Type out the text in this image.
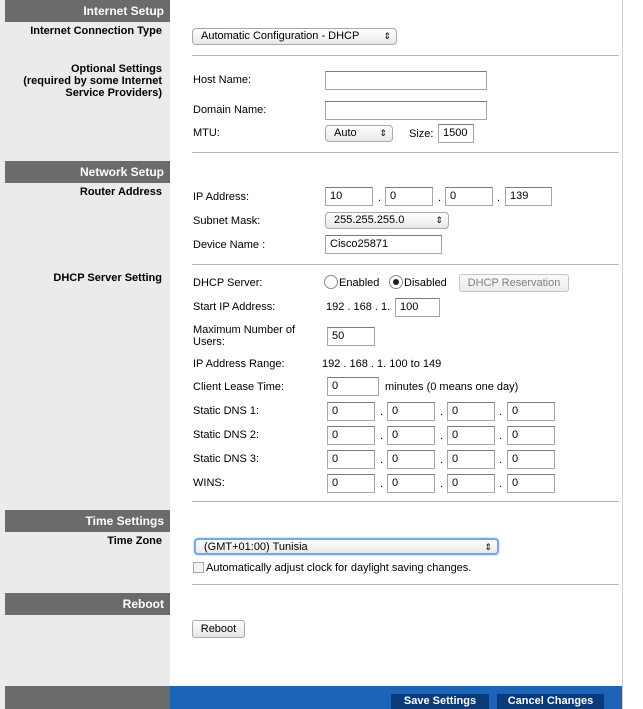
Internet Setup
Internet Connection Type
Optional Settings
(required by some Internet
Service Providers)
Network Setup
Router Address
DHCP Server Setting
Time Settings
Time Zone
Reboot
Automatic Configuration - DHCP	⇕
Host Name:
Domain Name:
MTU:	Auto	⇕ Size: 1500
IP Address:	10	. 0	. 0	. 139
Subnet Mask:	255.255.255.0	⇕
Device Name :	Cisco25871
DHCP Server:	Enabled Disabled	DHCP Reservation
Start IP Address:	192 . 168 . 1. 100
Maximum Number of
Users:	50
IP Address Range:	192 . 168 . 1. 100 to 149
Client Lease Time:	0	minutes (0 means one day)
Static DNS 1:	0	. 0	. 0	. 0
Static DNS 2:	0	. 0	. 0	. 0
Static DNS 3:	0	. 0	. 0	. 0
WINS:	0	. 0	. 0	. 0
(GMT+01:00) Tunisia	⇕
Automatically adjust clock for daylight saving changes.
Reboot
Save Settings	Cancel Changes
